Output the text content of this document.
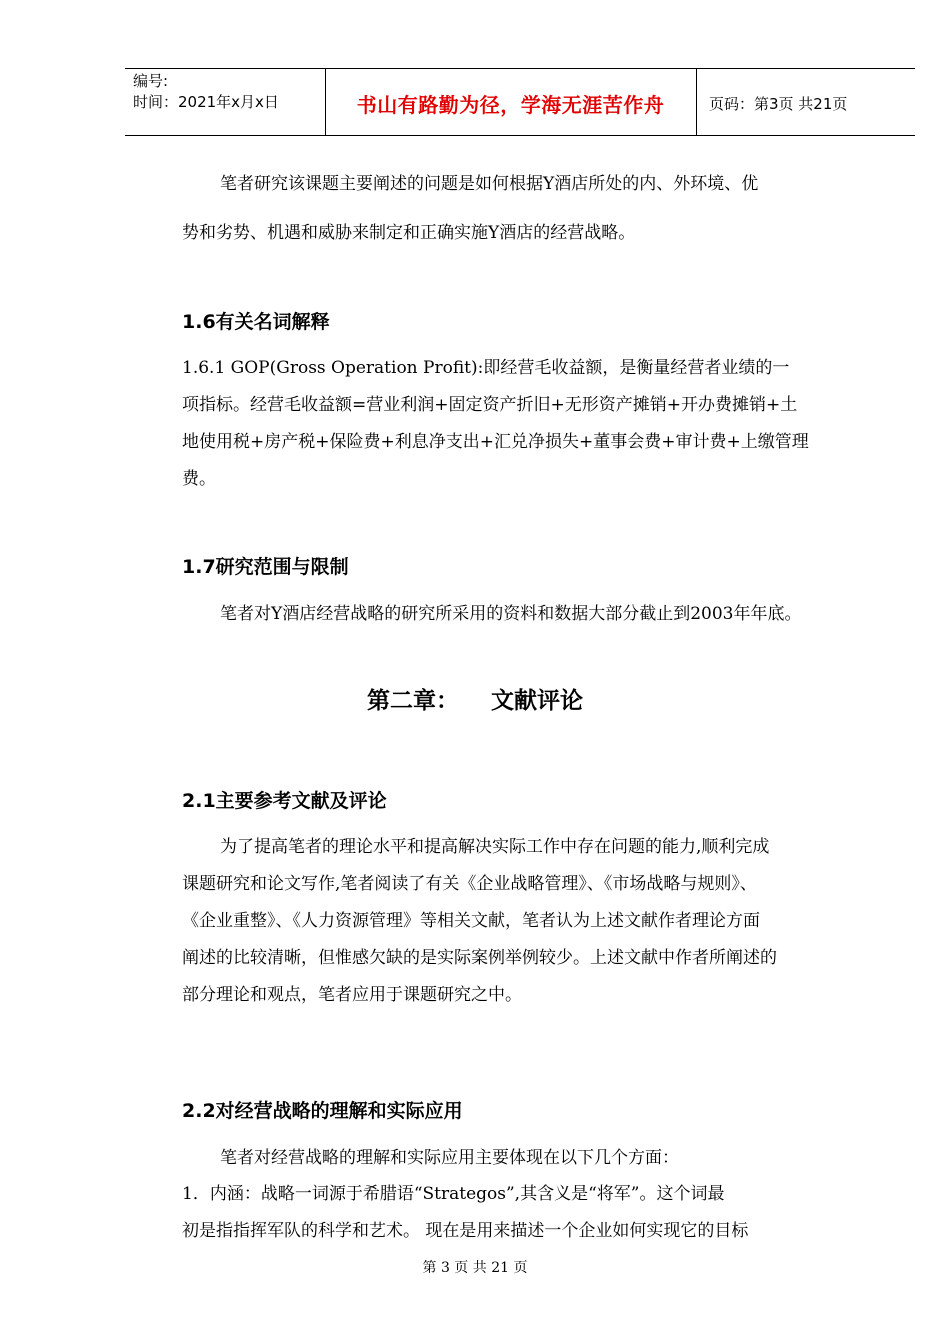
编号:
时间：2021年x月x日	书山有路勤为径，学海无涯苦作舟	页码：第3页 共21页
笔者研究该课题主要阐述的问题是如何根据Y酒店所处的内、外环境、优
势和劣势、机遇和威胁来制定和正确实施Y酒店的经营战略。
1.6有关名词解释
1.6.1 GOP(Gross Operation Profit):即经营毛收益额，是衡量经营者业绩的一
项指标。经营毛收益额=营业利润+固定资产折旧+无形资产摊销+开办费摊销+土
地使用税+房产税+保险费+利息净支出+汇兑净损失+董事会费+审计费+上缴管理
费。
1.7研究范围与限制
笔者对Y酒店经营战略的研究所采用的资料和数据大部分截止到2003年年底。
第二章：    文献评论
2.1主要参考文献及评论
为了提高笔者的理论水平和提高解决实际工作中存在问题的能力,顺利完成
课题研究和论文写作,笔者阅读了有关《企业战略管理》、《市场战略与规则》、
《企业重整》、《人力资源管理》等相关文献，笔者认为上述文献作者理论方面
阐述的比较清晰，但惟感欠缺的是实际案例举例较少。上述文献中作者所阐述的
部分理论和观点，笔者应用于课题研究之中。
2.2对经营战略的理解和实际应用
笔者对经营战略的理解和实际应用主要体现在以下几个方面：
1．内涵：战略一词源于希腊语“Strategos”,其含义是“将军”。这个词最
初是指指挥军队的科学和艺术。 现在是用来描述一个企业如何实现它的目标
第 3 页 共 21 页
